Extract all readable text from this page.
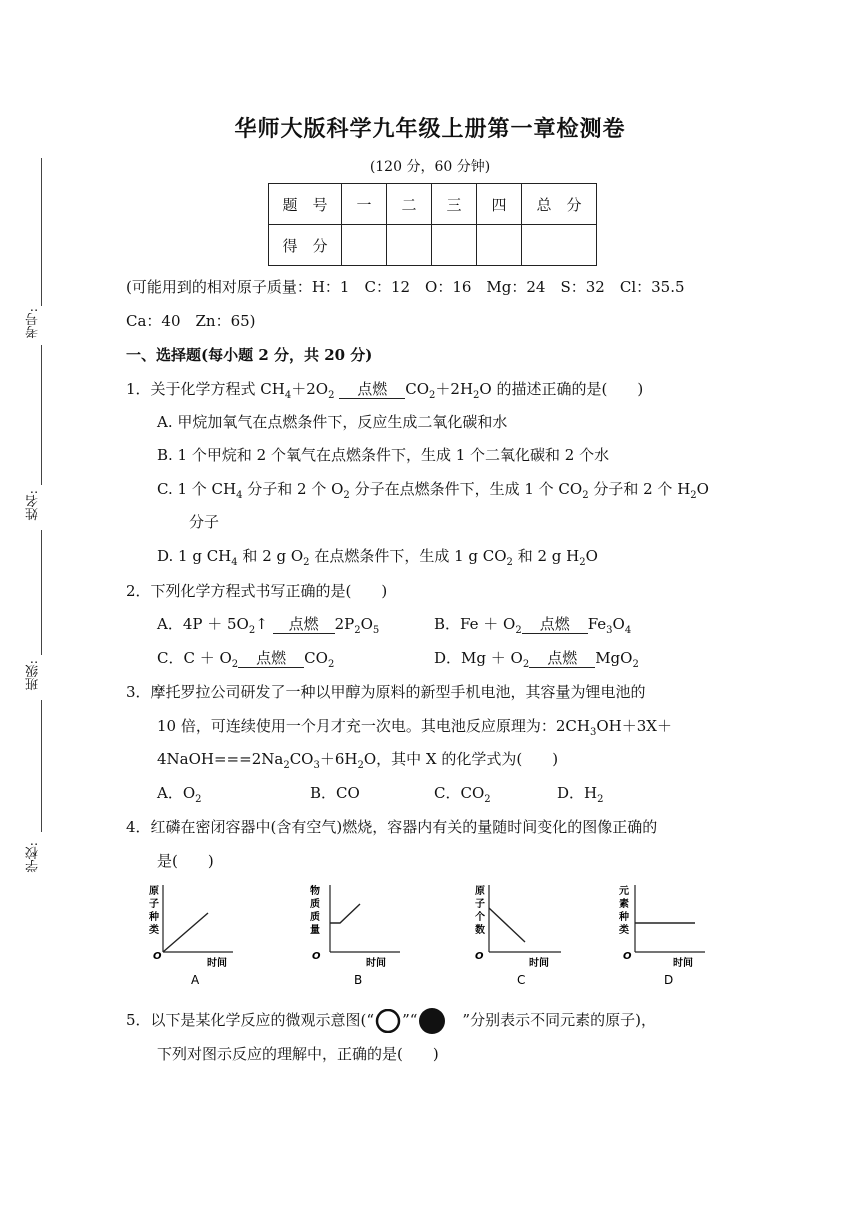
考号:
姓名:
班级:
学校:
华师大版科学九年级上册第一章检测卷
(120 分，60 分钟)
题　号	一	二	三	四	总　分
得　分					
(可能用到的相对原子质量：H：1　C：12　O：16　Mg：24　S：32　Cl：35.5
Ca：40　Zn：65)
一、选择题(每小题 2 分，共 20 分)
1．关于化学方程式 $CH_4+2O_2$ 点燃 $CO_2+2H_2O$ 的描述正确的是(　　)
A. 甲烷加氧气在点燃条件下，反应生成二氧化碳和水
B. 1 个甲烷和 2 个氧气在点燃条件下，生成 1 个二氧化碳和 2 个水
C. 1 个 $CH_4$ 分子和 2 个 $O_2$ 分子在点燃条件下，生成 1 个 $CO_2$ 分子和 2 个 $H_2O$
分子
D. 1 g $CH_4$ 和 2 g $O_2$ 在点燃条件下，生成 1 g $CO_2$ 和 2 g $H_2O$
2．下列化学方程式书写正确的是(　　)
A．$4P + 5O_2↑$ 点燃 $2P_2O_5$	B．$Fe + O_2$ 点燃 $Fe_3O_4$
C．$C + O_2$ 点燃 $CO_2$	D．$Mg + O_2$ 点燃 MgO$_2$
3．摩托罗拉公司研发了一种以甲醇为原料的新型手机电池，其容量为锂电池的
10 倍，可连续使用一个月才充一次电。其电池反应原理为：$2CH_3OH+3X+$
$4NaOH===2Na_2CO_3+6H_2O$，其中 X 的化学式为(　　)
A．$O_2$	B．CO	C．$CO_2$	D．$H_2$
4．红磷在密闭容器中(含有空气)燃烧，容器内有关的量随时间变化的图像正确的
是(　　)
原
子
种
类
O
时间
A
物
质
质
量
O
时间
B
原
子
个
数
O
时间
C
元
素
种
类
O
时间
D
5．以下是某化学反应的微观示意图(“ ”“　”分别表示不同元素的原子)，
下列对图示反应的理解中，正确的是(　　)
